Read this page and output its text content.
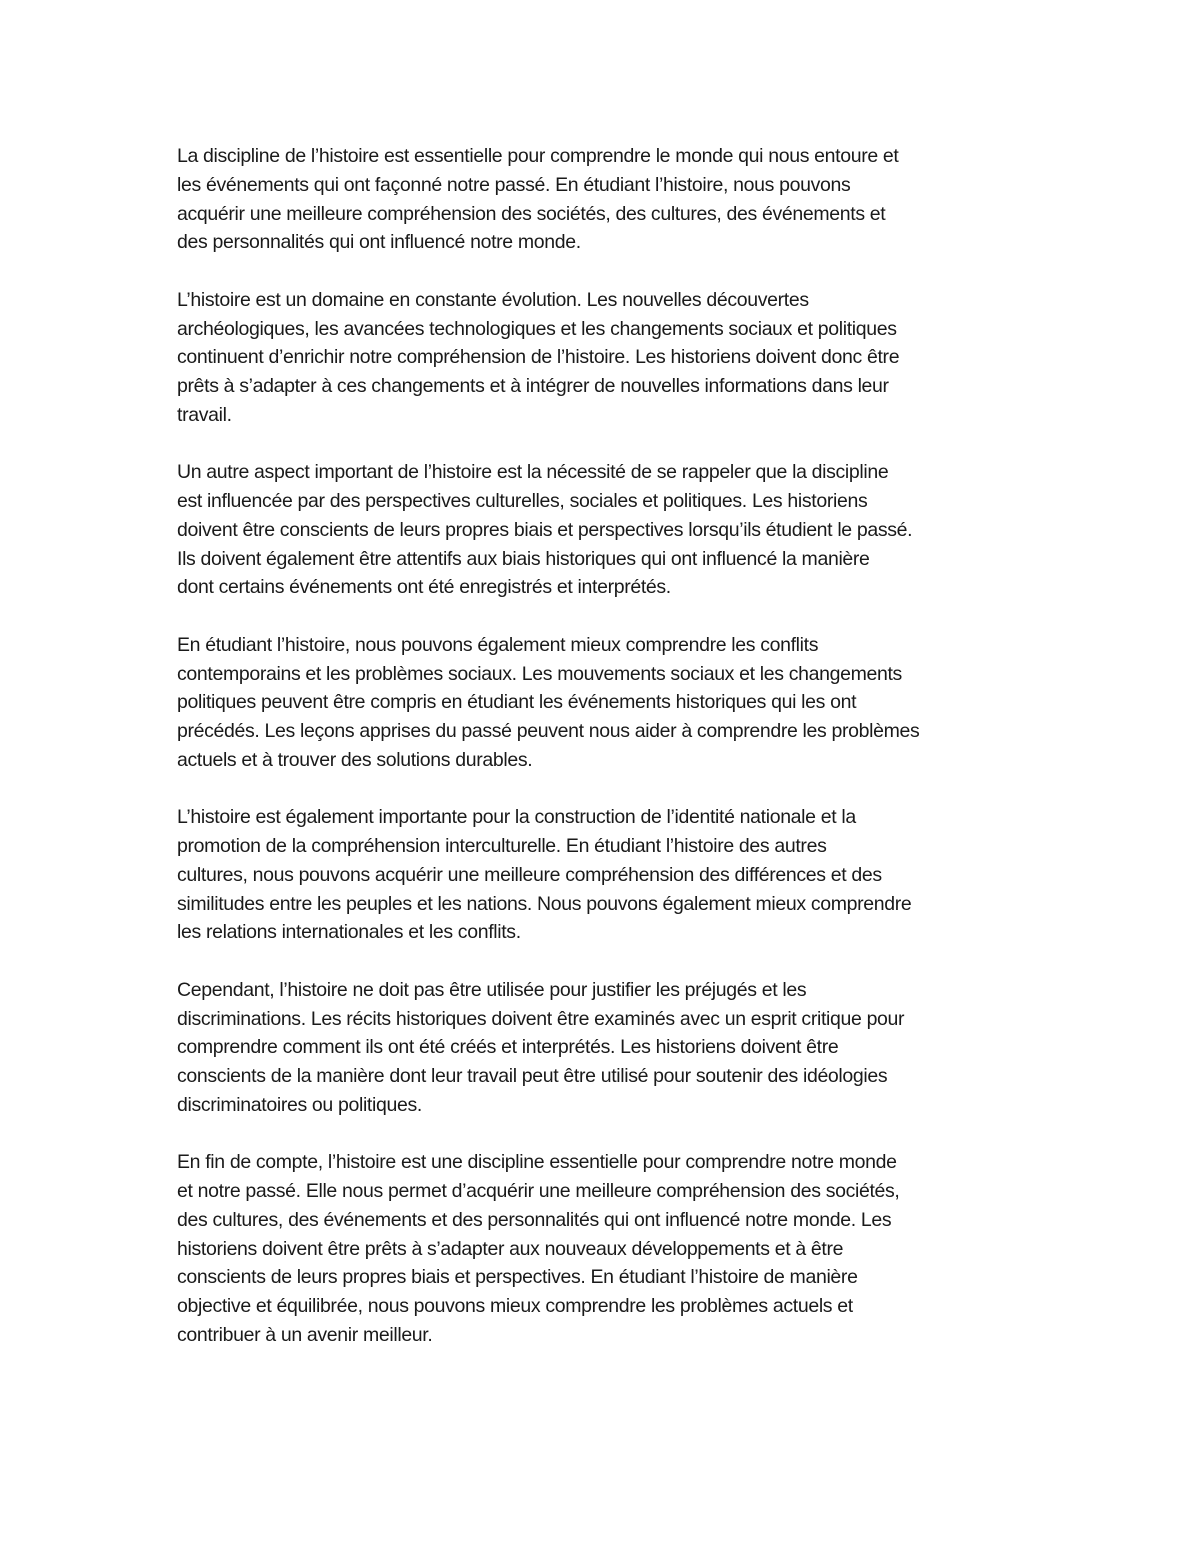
La discipline de l’histoire est essentielle pour comprendre le monde qui nous entoure et
les événements qui ont façonné notre passé. En étudiant l’histoire, nous pouvons
acquérir une meilleure compréhension des sociétés, des cultures, des événements et
des personnalités qui ont influencé notre monde.
L’histoire est un domaine en constante évolution. Les nouvelles découvertes
archéologiques, les avancées technologiques et les changements sociaux et politiques
continuent d’enrichir notre compréhension de l’histoire. Les historiens doivent donc être
prêts à s’adapter à ces changements et à intégrer de nouvelles informations dans leur
travail.
Un autre aspect important de l’histoire est la nécessité de se rappeler que la discipline
est influencée par des perspectives culturelles, sociales et politiques. Les historiens
doivent être conscients de leurs propres biais et perspectives lorsqu’ils étudient le passé.
Ils doivent également être attentifs aux biais historiques qui ont influencé la manière
dont certains événements ont été enregistrés et interprétés.
En étudiant l’histoire, nous pouvons également mieux comprendre les conflits
contemporains et les problèmes sociaux. Les mouvements sociaux et les changements
politiques peuvent être compris en étudiant les événements historiques qui les ont
précédés. Les leçons apprises du passé peuvent nous aider à comprendre les problèmes
actuels et à trouver des solutions durables.
L’histoire est également importante pour la construction de l’identité nationale et la
promotion de la compréhension interculturelle. En étudiant l’histoire des autres
cultures, nous pouvons acquérir une meilleure compréhension des différences et des
similitudes entre les peuples et les nations. Nous pouvons également mieux comprendre
les relations internationales et les conflits.
Cependant, l’histoire ne doit pas être utilisée pour justifier les préjugés et les
discriminations. Les récits historiques doivent être examinés avec un esprit critique pour
comprendre comment ils ont été créés et interprétés. Les historiens doivent être
conscients de la manière dont leur travail peut être utilisé pour soutenir des idéologies
discriminatoires ou politiques.
En fin de compte, l’histoire est une discipline essentielle pour comprendre notre monde
et notre passé. Elle nous permet d’acquérir une meilleure compréhension des sociétés,
des cultures, des événements et des personnalités qui ont influencé notre monde. Les
historiens doivent être prêts à s’adapter aux nouveaux développements et à être
conscients de leurs propres biais et perspectives. En étudiant l’histoire de manière
objective et équilibrée, nous pouvons mieux comprendre les problèmes actuels et
contribuer à un avenir meilleur.
